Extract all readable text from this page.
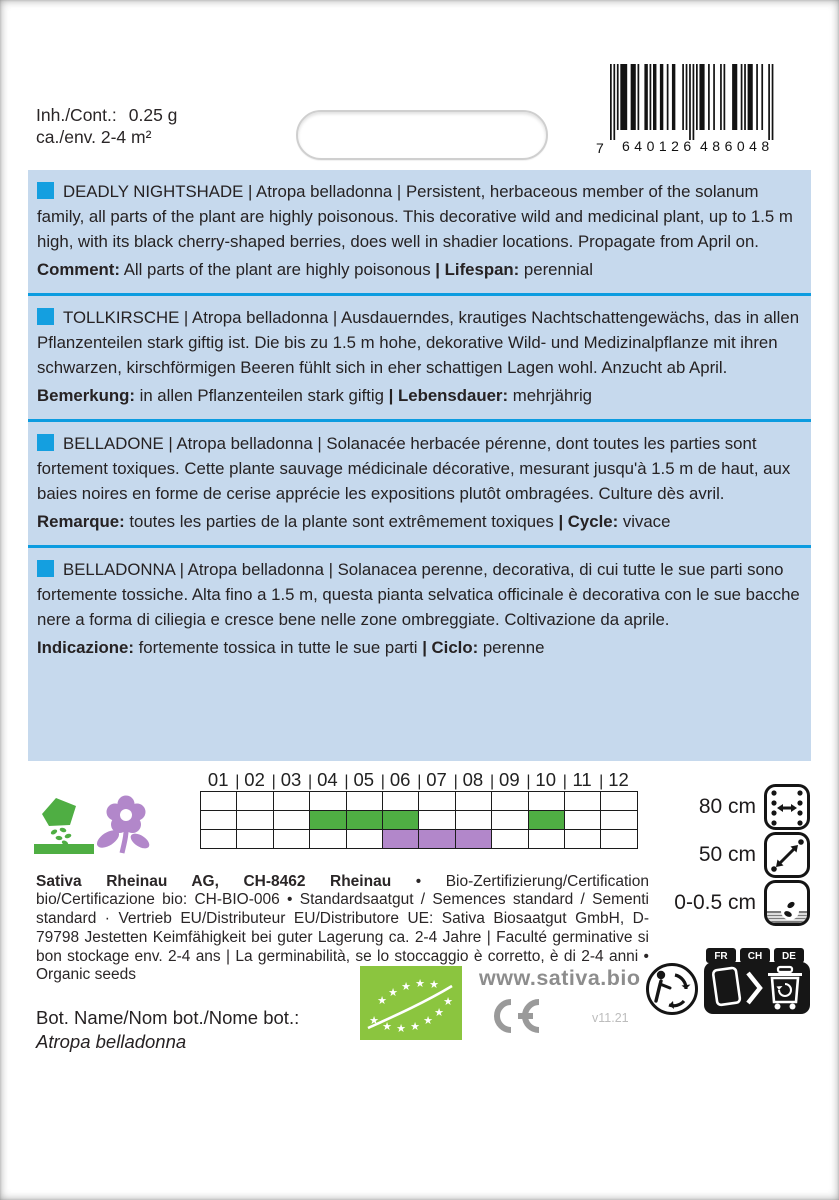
Inh./Cont.: 0.25 g
ca./env. 2-4 m²
7 640126 486048

DEADLY NIGHTSHADE | Atropa belladonna | Persistent, herbaceous member of the solanum family, all parts of the plant are highly poisonous. This decorative wild and medicinal plant, up to 1.5 m high, with its black cherry-shaped berries, does well in shadier locations. Propagate from April on.

Comment: All parts of the plant are highly poisonous | Lifespan: perennial

TOLLKIRSCHE | Atropa belladonna | Ausdauerndes, krautiges Nachtschattengewächs, das in allen Pflanzenteilen stark giftig ist. Die bis zu 1.5 m hohe, dekorative Wild- und Medizinalpflanze mit ihren schwarzen, kirschförmigen Beeren fühlt sich in eher schattigen Lagen wohl. Anzucht ab April.

Bemerkung: in allen Pflanzenteilen stark giftig | Lebensdauer: mehrjährig

BELLADONE | Atropa belladonna | Solanacée herbacée pérenne, dont toutes les parties sont fortement toxiques. Cette plante sauvage médicinale décorative, mesurant jusqu'à 1.5 m de haut, aux baies noires en forme de cerise apprécie les expositions plutôt ombragées. Culture dès avril.

Remarque: toutes les parties de la plante sont extrêmement toxiques | Cycle: vivace

BELLADONNA | Atropa belladonna | Solanacea perenne, decorativa, di cui tutte le sue parti sono fortemente tossiche. Alta fino a 1.5 m, questa pianta selvatica officinale è decorativa con le sue bacche nere a forma di ciliegia e cresce bene nelle zone ombreggiate. Coltivazione da aprile.

Indicazione: fortemente tossica in tutte le sue parti | Ciclo: perenne

01 | 02 | 03 | 04 | 05 | 06 | 07 | 08 | 09 | 10 | 11 | 12
80 cm
50 cm
0-0.5 cm

Sativa Rheinau AG, CH-8462 Rheinau • Bio-Zertifizierung/Certification bio/Certificazione bio: CH-BIO-006 • Standardsaatgut / Semences standard / Sementi standard · Vertrieb EU/Distributeur EU/Distributore UE: Sativa Biosaatgut GmbH, D-79798 Jestetten Keimfähigkeit bei guter Lagerung ca. 2-4 Jahre | Faculté germinative si bon stockage env. 2-4 ans | La germinabilità, se lo stoccaggio è corretto, è di 2-4 anni • Organic seeds

★ ★ ★ ★ ★
★
★
★
★ ★ ★ ★ www.sativa.bio
v11.21
FR CH DE
Bot. Name/Nom bot./Nome bot.:
Atropa belladonna
